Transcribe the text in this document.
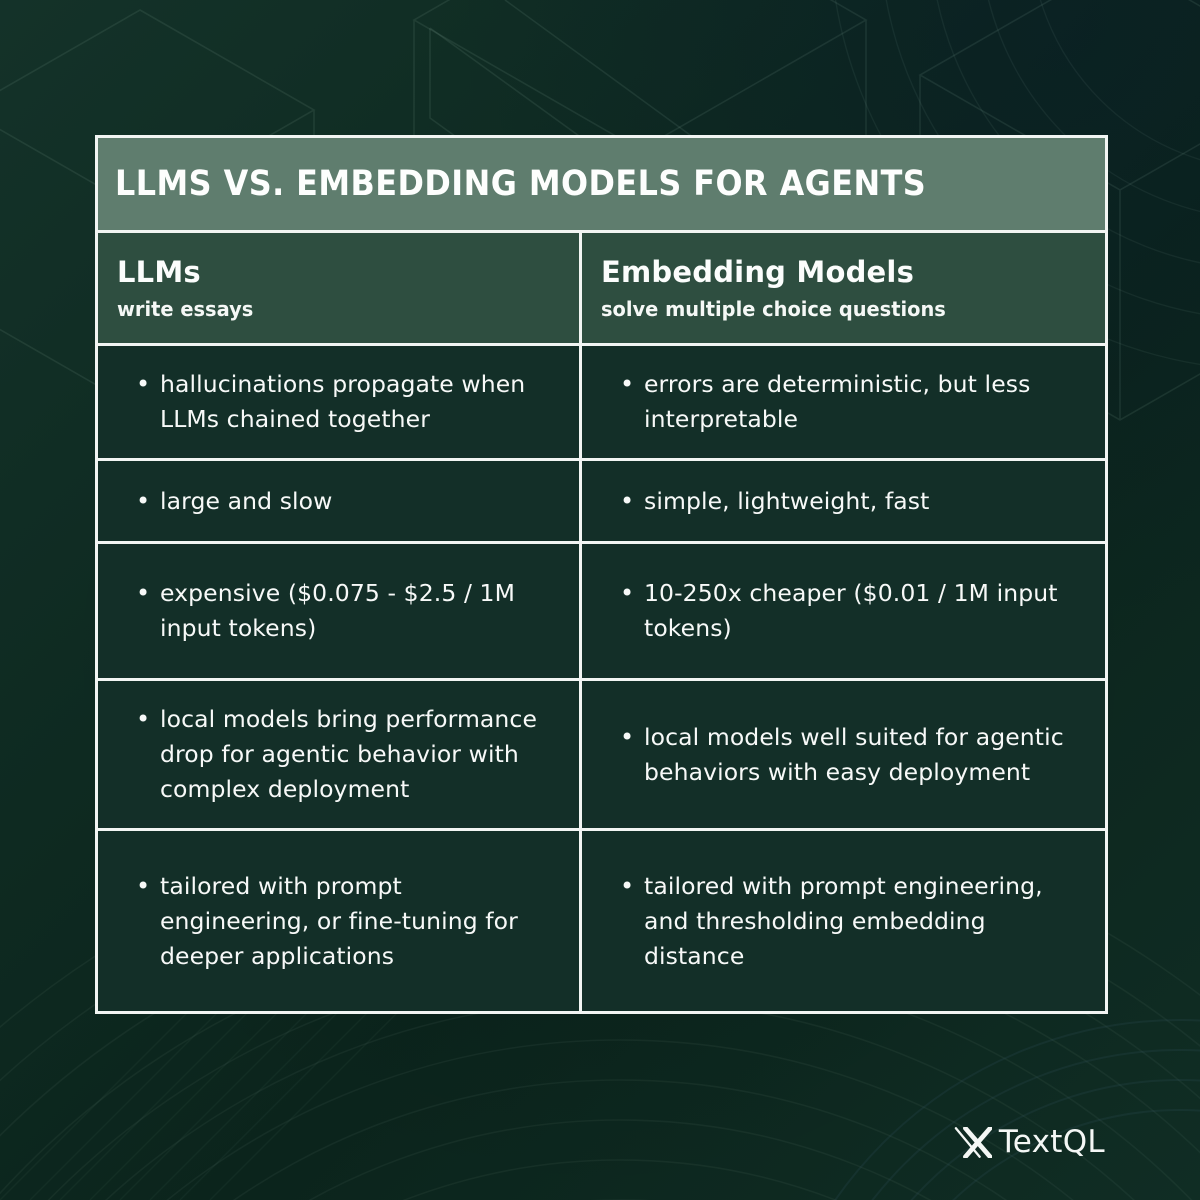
LLMS VS. EMBEDDING MODELS FOR AGENTS
LLMs
write essays
Embedding Models
solve multiple choice questions
• hallucinations propagate when LLMs chained together
• errors are deterministic, but less interpretable
• large and slow	• simple, lightweight, fast
• expensive ($0.075 - $2.5 / 1M input tokens)
• 10-250x cheaper ($0.01 / 1M input tokens)
• local models bring performance drop for agentic behavior with complex deployment
• local models well suited for agentic behaviors with easy deployment
• tailored with prompt engineering, or fine-tuning for deeper applications
• tailored with prompt engineering, and thresholding embedding distance
TextQL
